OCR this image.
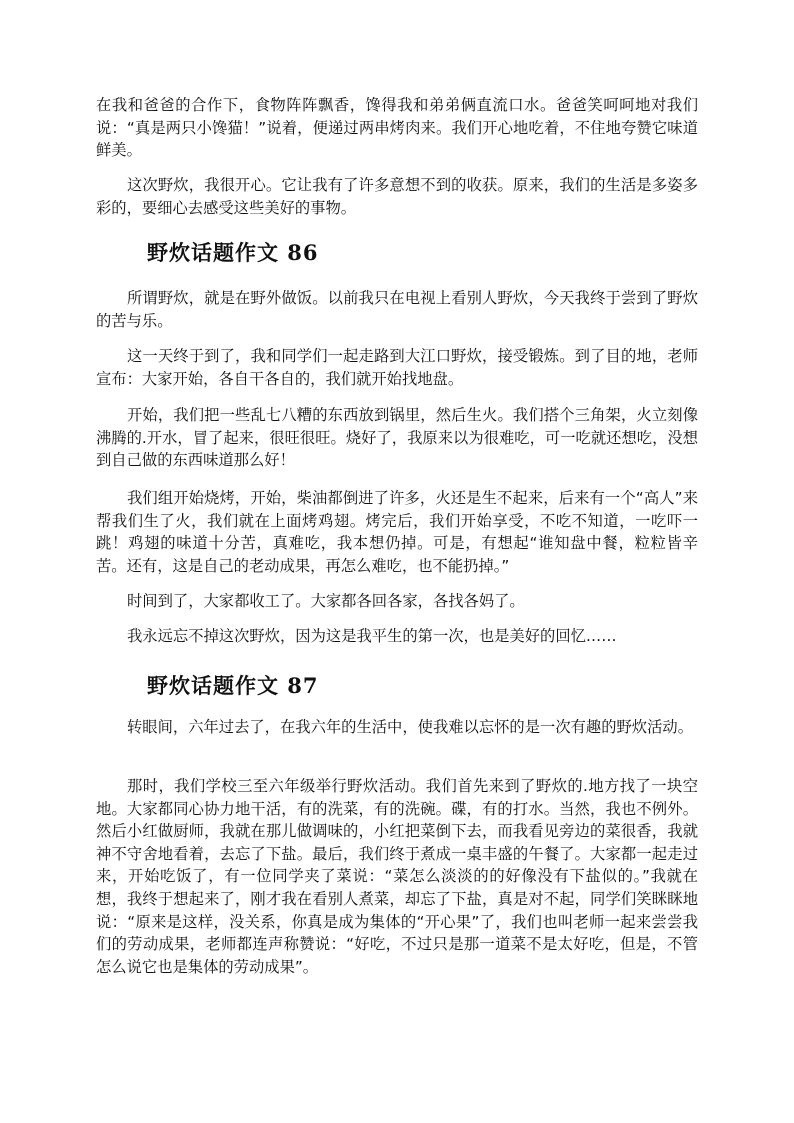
在我和爸爸的合作下，食物阵阵飘香，馋得我和弟弟俩直流口水。爸爸笑呵呵地对我们说：“真是两只小馋猫！”说着，便递过两串烤肉来。我们开心地吃着，不住地夸赞它味道鲜美。

这次野炊，我很开心。它让我有了许多意想不到的收获。原来，我们的生活是多姿多彩的，要细心去感受这些美好的事物。

野炊话题作文 86

所谓野炊，就是在野外做饭。以前我只在电视上看别人野炊，今天我终于尝到了野炊的苦与乐。

这一天终于到了，我和同学们一起走路到大江口野炊，接受锻炼。到了目的地，老师宣布：大家开始，各自干各自的，我们就开始找地盘。

开始，我们把一些乱七八糟的东西放到锅里，然后生火。我们搭个三角架，火立刻像沸腾的.开水，冒了起来，很旺很旺。烧好了，我原来以为很难吃，可一吃就还想吃，没想到自己做的东西味道那么好！

我们组开始烧烤，开始，柴油都倒进了许多，火还是生不起来，后来有一个“高人”来帮我们生了火，我们就在上面烤鸡翅。烤完后，我们开始享受，不吃不知道，一吃吓一跳！鸡翅的味道十分苦，真难吃，我本想仍掉。可是，有想起“谁知盘中餐，粒粒皆辛苦。还有，这是自己的老动成果，再怎么难吃，也不能扔掉。”

时间到了，大家都收工了。大家都各回各家，各找各妈了。

我永远忘不掉这次野炊，因为这是我平生的第一次，也是美好的回忆……

野炊话题作文 87

转眼间，六年过去了，在我六年的生活中，使我难以忘怀的是一次有趣的野炊活动。

那时，我们学校三至六年级举行野炊活动。我们首先来到了野炊的.地方找了一块空地。大家都同心协力地干活，有的洗菜，有的洗碗。碟，有的打水。当然，我也不例外。然后小红做厨师，我就在那儿做调味的，小红把菜倒下去，而我看见旁边的菜很香，我就神不守舍地看着，去忘了下盐。最后，我们终于煮成一桌丰盛的午餐了。大家都一起走过来，开始吃饭了，有一位同学夹了菜说：“菜怎么淡淡的的好像没有下盐似的。”我就在想，我终于想起来了，刚才我在看别人煮菜，却忘了下盐，真是对不起，同学们笑眯眯地说：“原来是这样，没关系，你真是成为集体的“开心果”了，我们也叫老师一起来尝尝我们的劳动成果，老师都连声称赞说：“好吃，不过只是那一道菜不是太好吃，但是，不管怎么说它也是集体的劳动成果”。
